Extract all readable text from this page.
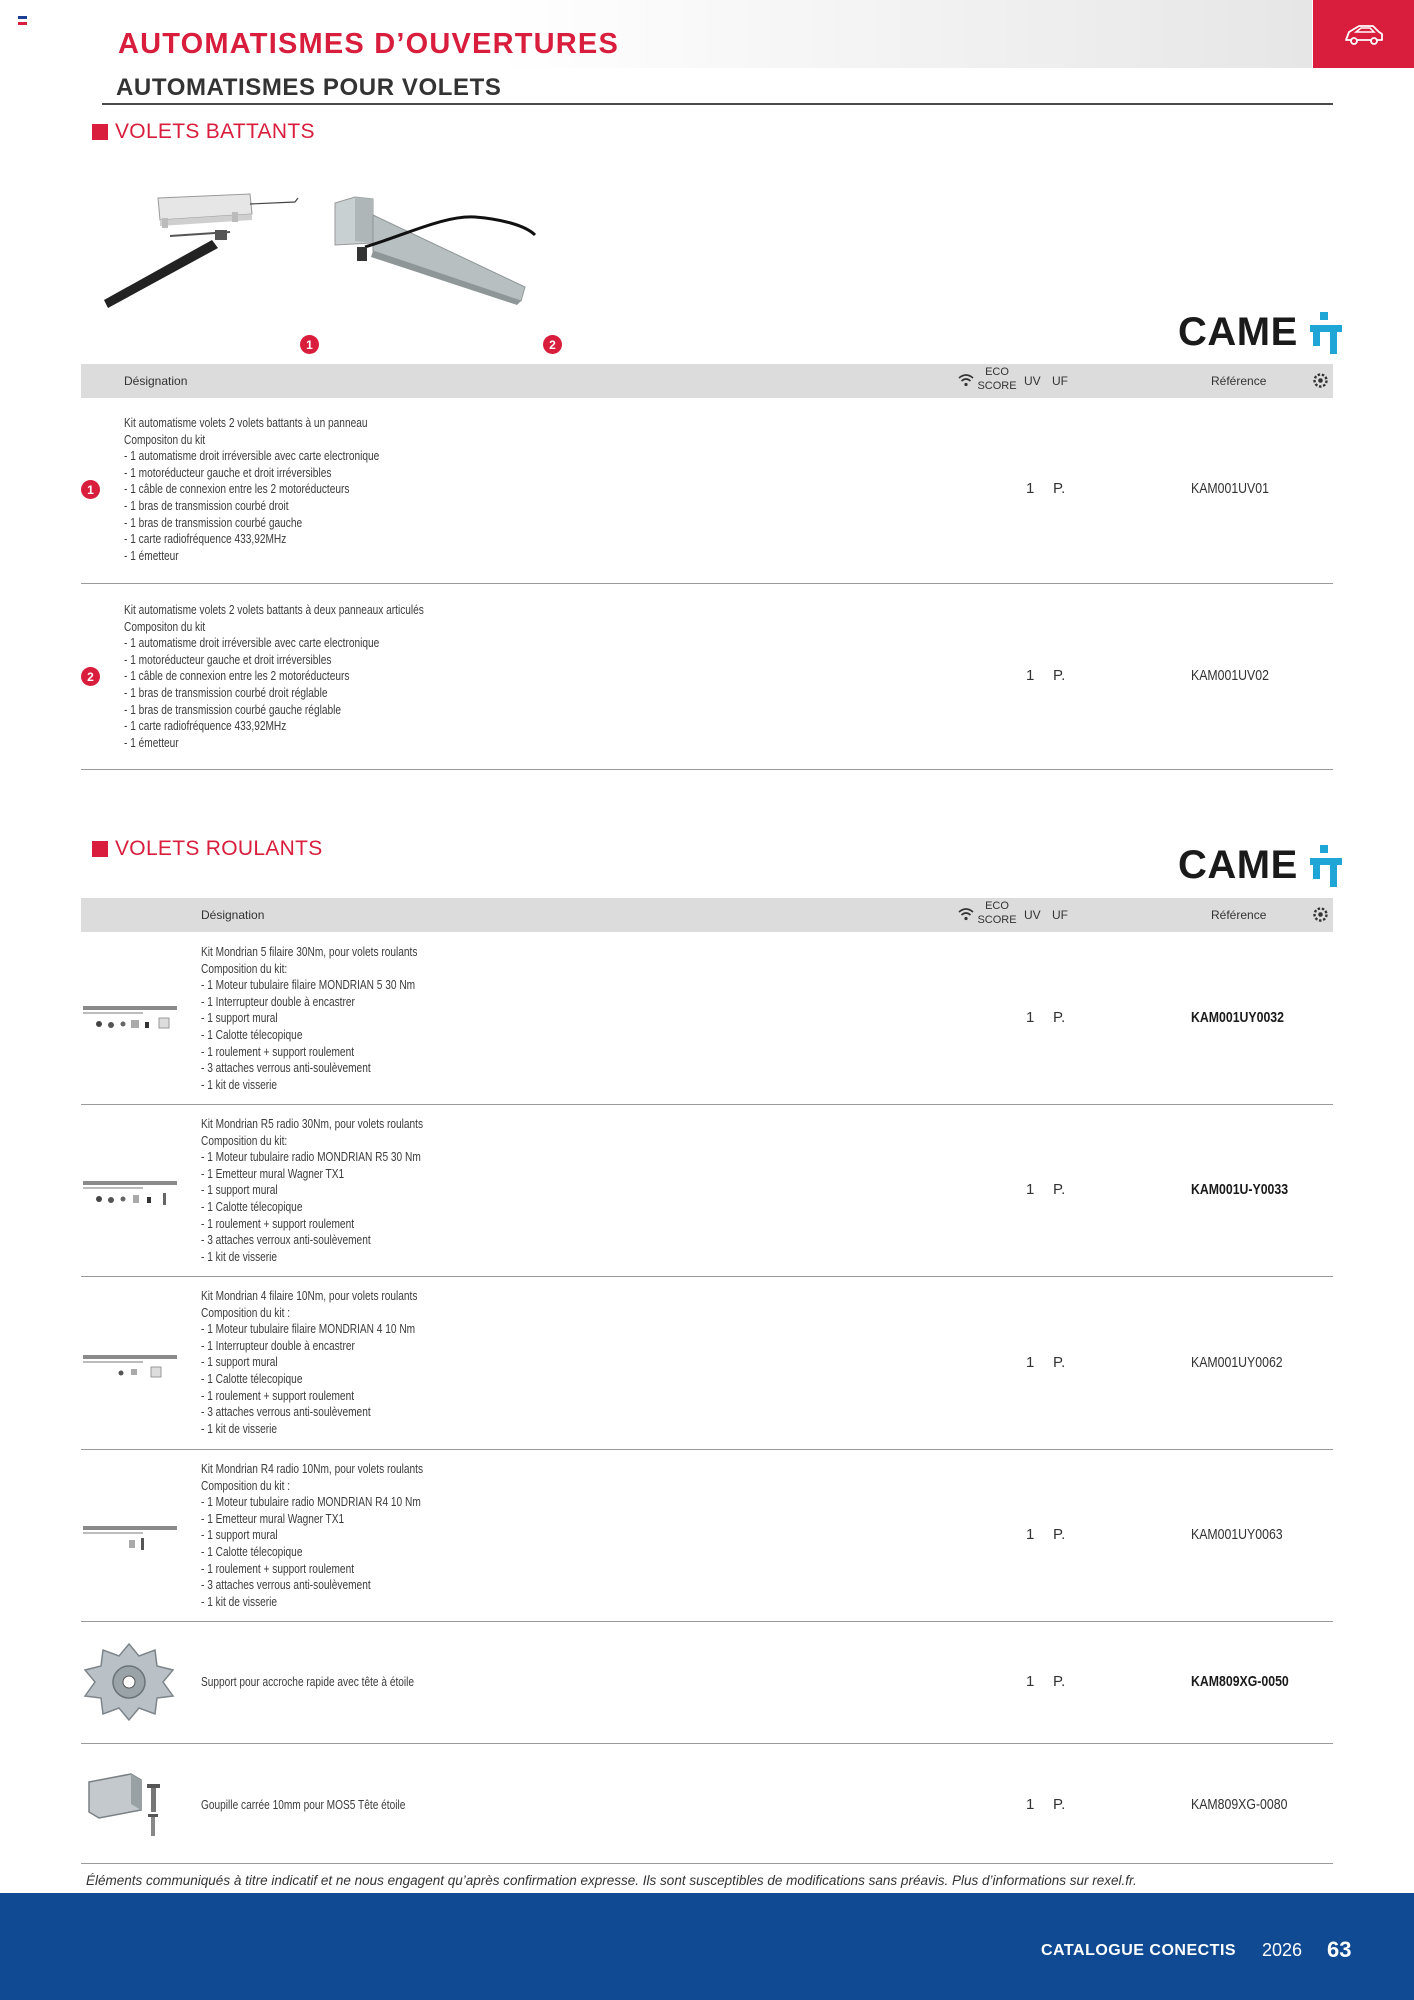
AUTOMATISMES D’OUVERTURES
AUTOMATISMES POUR VOLETS
VOLETS BATTANTS
1	2	CAME
Désignation
ECO
SCORE UV UF	Référence
1
Kit automatisme volets 2 volets battants à un panneau
Compositon du kit
- 1 automatisme droit irréversible avec carte electronique
- 1 motoréducteur gauche et droit irréversibles
- 1 câble de connexion entre les 2 motoréducteurs
- 1 bras de transmission courbé droit
- 1 bras de transmission courbé gauche
- 1 carte radiofréquence 433,92MHz
- 1 émetteur
1 P.	KAM001UV01
2
Kit automatisme volets 2 volets battants à deux panneaux articulés
Compositon du kit
- 1 automatisme droit irréversible avec carte electronique
- 1 motoréducteur gauche et droit irréversibles
- 1 câble de connexion entre les 2 motoréducteurs
- 1 bras de transmission courbé droit réglable
- 1 bras de transmission courbé gauche réglable
- 1 carte radiofréquence 433,92MHz
- 1 émetteur
1 P.	KAM001UV02
VOLETS ROULANTS	CAME
Désignation
ECO
SCORE UV UF	Référence
Kit Mondrian 5 filaire 30Nm, pour volets roulants
Composition du kit:
- 1 Moteur tubulaire filaire MONDRIAN 5 30 Nm
- 1 Interrupteur double à encastrer
- 1 support mural
- 1 Calotte télecopique
- 1 roulement + support roulement
- 3 attaches verrous anti-soulèvement
- 1 kit de visserie
1 P.	KAM001UY0032
Kit Mondrian R5 radio 30Nm, pour volets roulants
Composition du kit:
- 1 Moteur tubulaire radio MONDRIAN R5 30 Nm
- 1 Emetteur mural Wagner TX1
- 1 support mural
- 1 Calotte télecopique
- 1 roulement + support roulement
- 3 attaches verroux anti-soulèvement
- 1 kit de visserie
1 P.	KAM001U-Y0033
Kit Mondrian 4 filaire 10Nm, pour volets roulants
Composition du kit :
- 1 Moteur tubulaire filaire MONDRIAN 4 10 Nm
- 1 Interrupteur double à encastrer
- 1 support mural
- 1 Calotte télecopique
- 1 roulement + support roulement
- 3 attaches verrous anti-soulèvement
- 1 kit de visserie
1 P.	KAM001UY0062
Kit Mondrian R4 radio 10Nm, pour volets roulants
Composition du kit :
- 1 Moteur tubulaire radio MONDRIAN R4 10 Nm
- 1 Emetteur mural Wagner TX1
- 1 support mural
- 1 Calotte télecopique
- 1 roulement + support roulement
- 3 attaches verrous anti-soulèvement
- 1 kit de visserie
1 P.	KAM001UY0063
Support pour accroche rapide avec tête à étoile	1 P.	KAM809XG-0050
Goupille carrée 10mm pour MOS5 Tête étoile	1 P.	KAM809XG-0080
Éléments communiqués à titre indicatif et ne nous engagent qu’après confirmation expresse. Ils sont susceptibles de modifications sans préavis. Plus d’informations sur rexel.fr.
CATALOGUE CONECTIS 2026 63
